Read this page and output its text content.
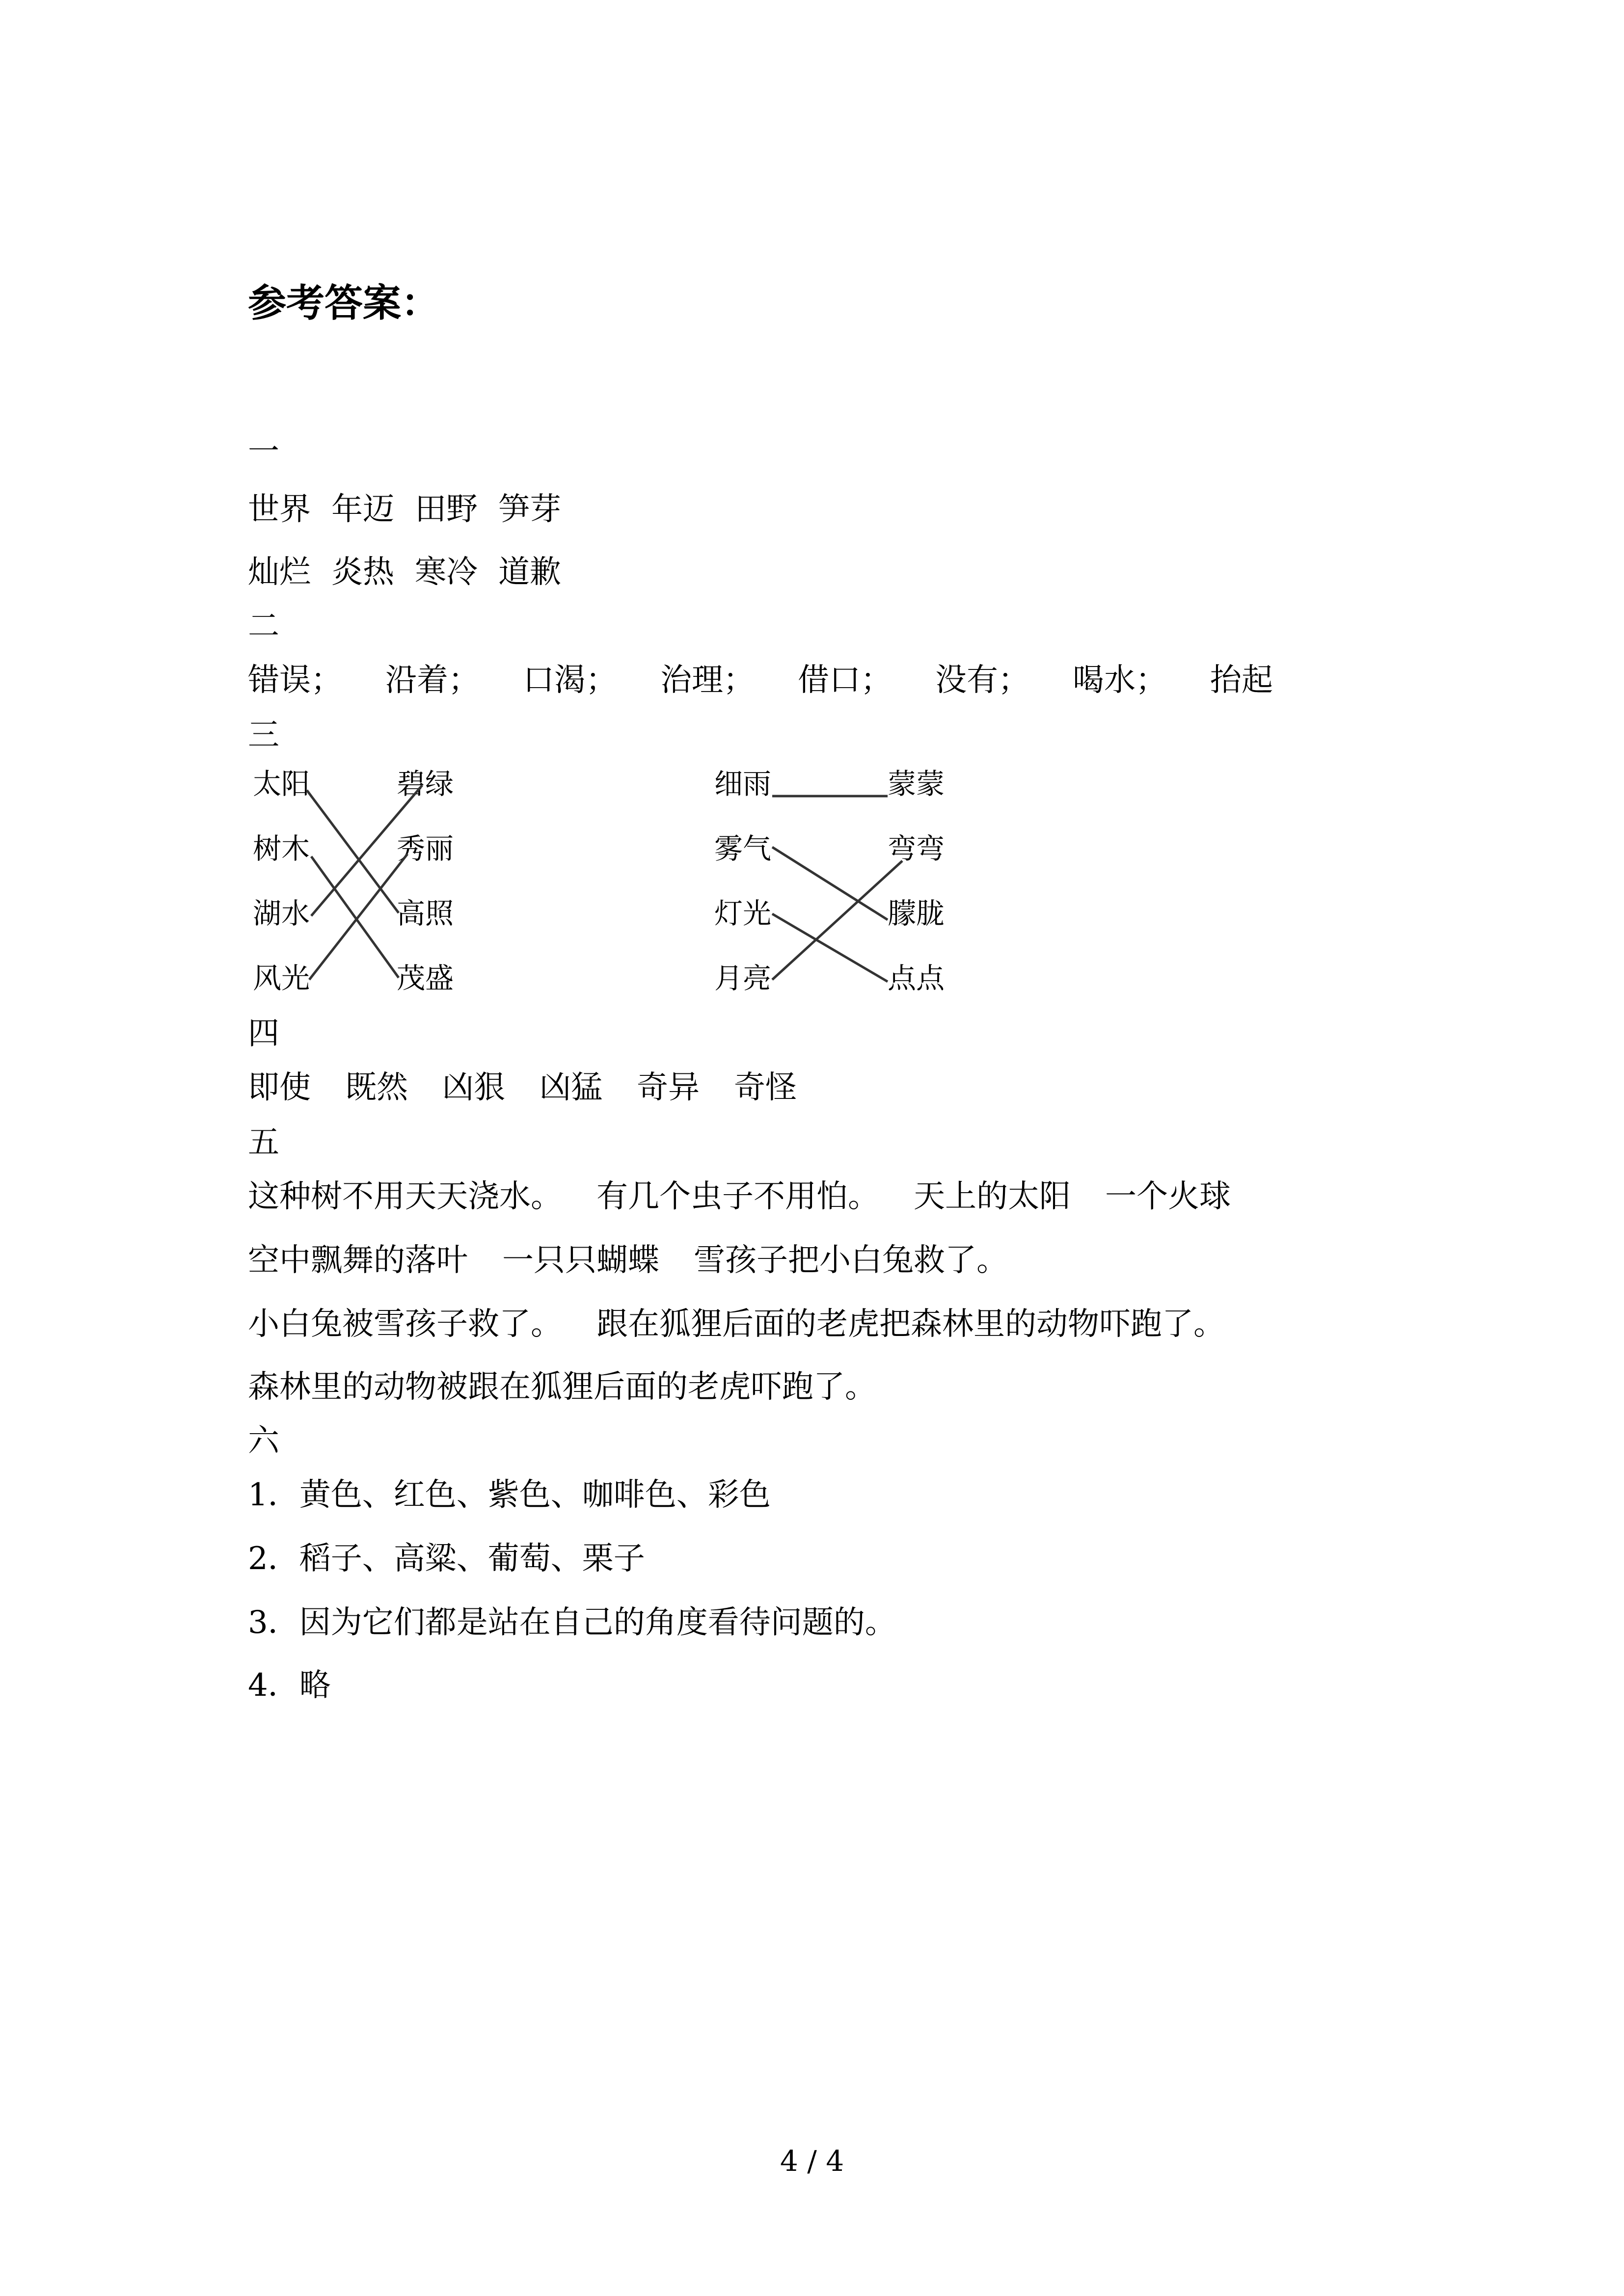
参考答案：
一
世界 年迈 田野 笋芽
灿烂 炎热 寒冷 道歉
二
错误； 沿着； 口渴； 治理； 借口； 没有； 喝水； 抬起
三
太阳
树木
湖水
风光
碧绿
秀丽
高照
茂盛
细雨
雾气
灯光
月亮
蒙蒙
弯弯
朦胧
点点
四
即使 既然 凶狠 凶猛 奇异 奇怪
五
这种树不用天天浇水。 有几个虫子不用怕。 天上的太阳 一个火球
空中飘舞的落叶 一只只蝴蝶 雪孩子把小白兔救了。
小白兔被雪孩子救了。 跟在狐狸后面的老虎把森林里的动物吓跑了。
森林里的动物被跟在狐狸后面的老虎吓跑了。
六
1．黄色、红色、紫色、咖啡色、彩色
2．稻子、高粱、葡萄、栗子
3．因为它们都是站在自己的角度看待问题的。
4．略
4 / 4
